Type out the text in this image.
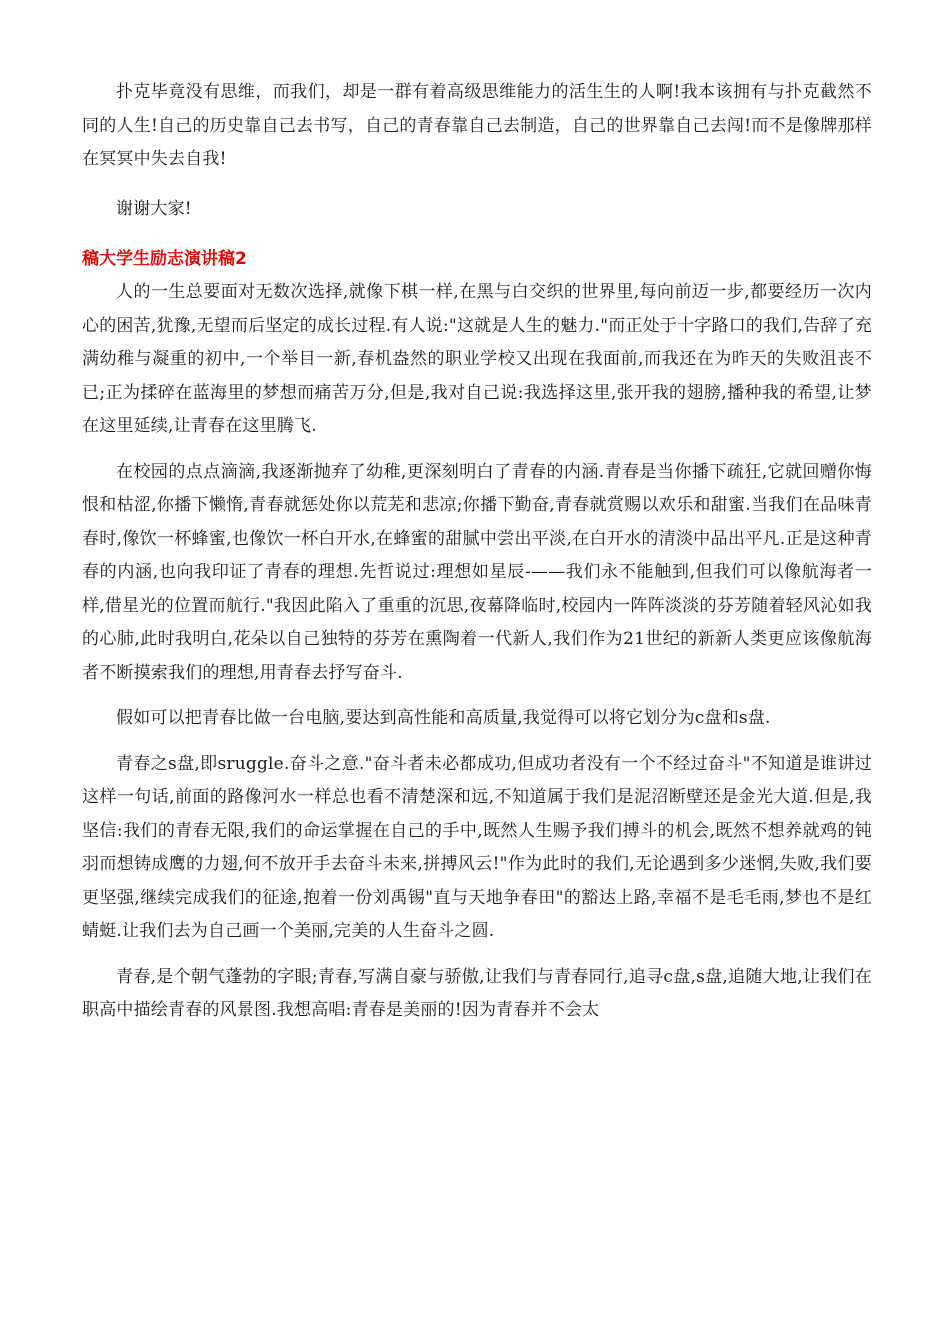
扑克毕竟没有思维，而我们，却是一群有着高级思维能力的活生生的人啊!我本该拥有与扑克截然不同的人生!自己的历史靠自己去书写，自己的青春靠自己去制造，自己的世界靠自己去闯!而不是像牌那样在冥冥中失去自我!

谢谢大家!

稿大学生励志演讲稿2

人的一生总要面对无数次选择,就像下棋一样,在黑与白交织的世界里,每向前迈一步,都要经历一次内心的困苦,犹豫,无望而后坚定的成长过程.有人说:"这就是人生的魅力."而正处于十字路口的我们,告辞了充满幼稚与凝重的初中,一个举目一新,春机盎然的职业学校又出现在我面前,而我还在为昨天的失败沮丧不已;正为揉碎在蓝海里的梦想而痛苦万分,但是,我对自己说:我选择这里,张开我的翅膀,播种我的希望,让梦在这里延续,让青春在这里腾飞.

在校园的点点滴滴,我逐渐抛弃了幼稚,更深刻明白了青春的内涵.青春是当你播下疏狂,它就回赠你悔恨和枯涩,你播下懒惰,青春就惩处你以荒芜和悲凉;你播下勤奋,青春就赏赐以欢乐和甜蜜.当我们在品味青春时,像饮一杯蜂蜜,也像饮一杯白开水,在蜂蜜的甜腻中尝出平淡,在白开水的清淡中品出平凡.正是这种青春的内涵,也向我印证了青春的理想.先哲说过:理想如星辰-——我们永不能触到,但我们可以像航海者一样,借星光的位置而航行."我因此陷入了重重的沉思,夜幕降临时,校园内一阵阵淡淡的芬芳随着轻风沁如我的心肺,此时我明白,花朵以自己独特的芬芳在熏陶着一代新人,我们作为21世纪的新新人类更应该像航海者不断摸索我们的理想,用青春去抒写奋斗.

假如可以把青春比做一台电脑,要达到高性能和高质量,我觉得可以将它划分为c盘和s盘.

青春之s盘,即sruggle.奋斗之意."奋斗者未必都成功,但成功者没有一个不经过奋斗"不知道是谁讲过这样一句话,前面的路像河水一样总也看不清楚深和远,不知道属于我们是泥沼断壁还是金光大道.但是,我坚信:我们的青春无限,我们的命运掌握在自己的手中,既然人生赐予我们搏斗的机会,既然不想养就鸡的钝羽而想铸成鹰的力翅,何不放开手去奋斗未来,拼搏风云!"作为此时的我们,无论遇到多少迷惘,失败,我们要更坚强,继续完成我们的征途,抱着一份刘禹锡"直与天地争春田"的豁达上路,幸福不是毛毛雨,梦也不是红蜻蜓.让我们去为自己画一个美丽,完美的人生奋斗之圆.

青春,是个朝气蓬勃的字眼;青春,写满自豪与骄傲,让我们与青春同行,追寻c盘,s盘,追随大地,让我们在职高中描绘青春的风景图.我想高唱:青春是美丽的!因为青春并不会太
